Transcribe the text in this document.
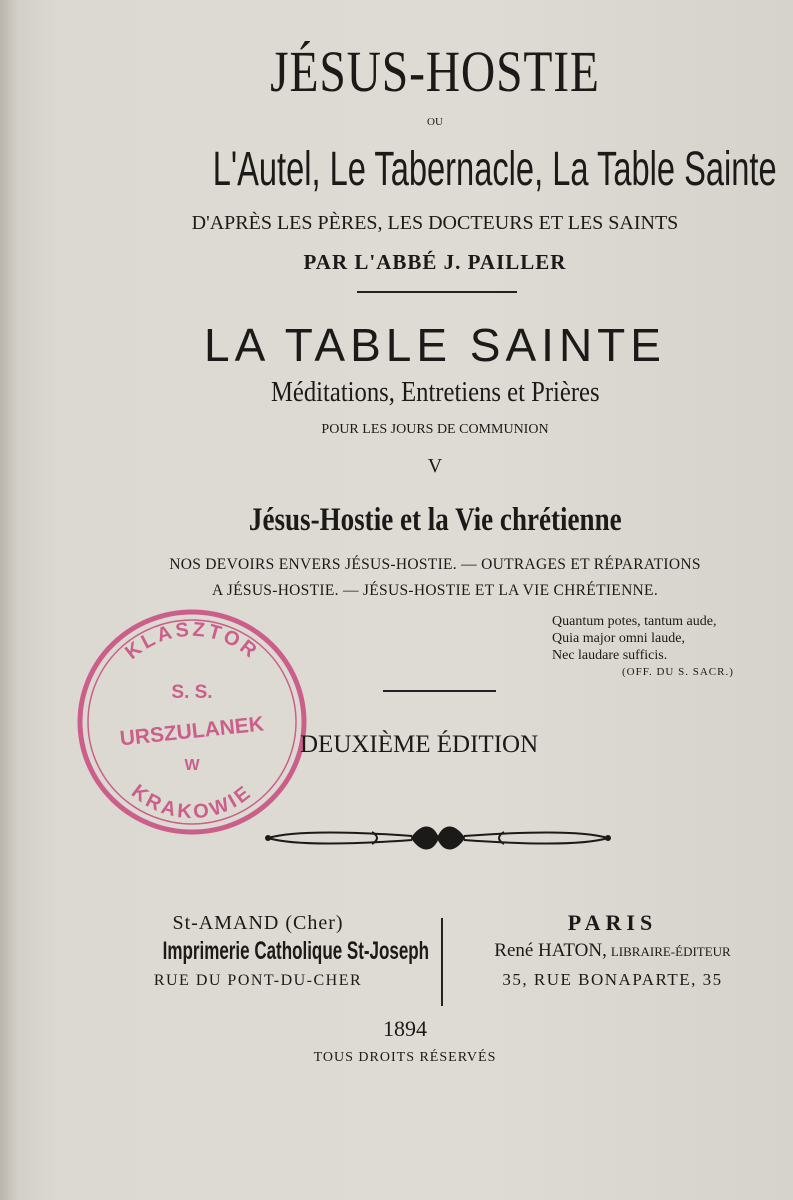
JÉSUS-HOSTIE
OU
L'Autel, Le Tabernacle, La Table Sainte
D'APRÈS LES PÈRES, LES DOCTEURS ET LES SAINTS
PAR L'ABBÉ J. PAILLER
LA TABLE SAINTE
Méditations, Entretiens et Prières
POUR LES JOURS DE COMMUNION
V
Jésus-Hostie et la Vie chrétienne
NOS DEVOIRS ENVERS JÉSUS-HOSTIE. — OUTRAGES ET RÉPARATIONS
A JÉSUS-HOSTIE. — JÉSUS-HOSTIE ET LA VIE CHRÉTIENNE.
Quantum potes, tantum aude,
Quia major omni laude,
Nec laudare sufficis.
(OFF. DU S. SACR.)
KLASZTOR
KRAKOWIE
S. S.
URSZULANEK
W
DEUXIÈME ÉDITION
St-AMAND (Cher)
Imprimerie Catholique St-Joseph
RUE DU PONT-DU-CHER
PARIS
René HATON, LIBRAIRE-ÉDITEUR
35, RUE BONAPARTE, 35
1894
TOUS DROITS RÉSERVÉS
